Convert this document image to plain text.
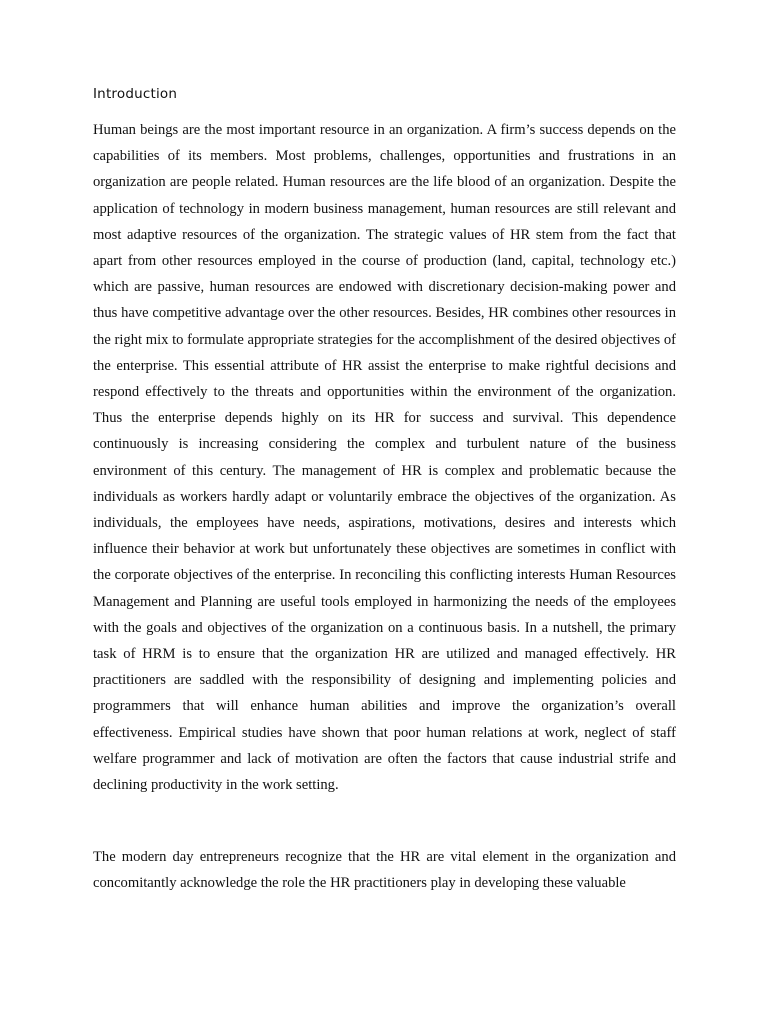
Introduction

Human beings are the most important resource in an organization. A firm’s success depends on the capabilities of its members. Most problems, challenges, opportunities and frustrations in an organization are people related. Human resources are the life blood of an organization. Despite the application of technology in modern business management, human resources are still relevant and most adaptive resources of the organization. The strategic values of HR stem from the fact that apart from other resources employed in the course of production (land, capital, technology etc.) which are passive, human resources are endowed with discretionary decision-making power and thus have competitive advantage over the other resources. Besides, HR combines other resources in the right mix to formulate appropriate strategies for the accomplishment of the desired objectives of the enterprise. This essential attribute of HR assist the enterprise to make rightful decisions and respond effectively to the threats and opportunities within the environment of the organization. Thus the enterprise depends highly on its HR for success and survival. This dependence continuously is increasing considering the complex and turbulent nature of the business environment of this century. The management of HR is complex and problematic because the individuals as workers hardly adapt or voluntarily embrace the objectives of the organization. As individuals, the employees have needs, aspirations, motivations, desires and interests which influence their behavior at work but unfortunately these objectives are sometimes in conflict with the corporate objectives of the enterprise. In reconciling this conflicting interests Human Resources Management and Planning are useful tools employed in harmonizing the needs of the employees with the goals and objectives of the organization on a continuous basis. In a nutshell, the primary task of HRM is to ensure that the organization HR are utilized and managed effectively. HR practitioners are saddled with the responsibility of designing and implementing policies and programmers that will enhance human abilities and improve the organization’s overall effectiveness. Empirical studies have shown that poor human relations at work, neglect of staff welfare programmer and lack of motivation are often the factors that cause industrial strife and declining productivity in the work setting.

The modern day entrepreneurs recognize that the HR are vital element in the organization and concomitantly acknowledge the role the HR practitioners play in developing these valuable
